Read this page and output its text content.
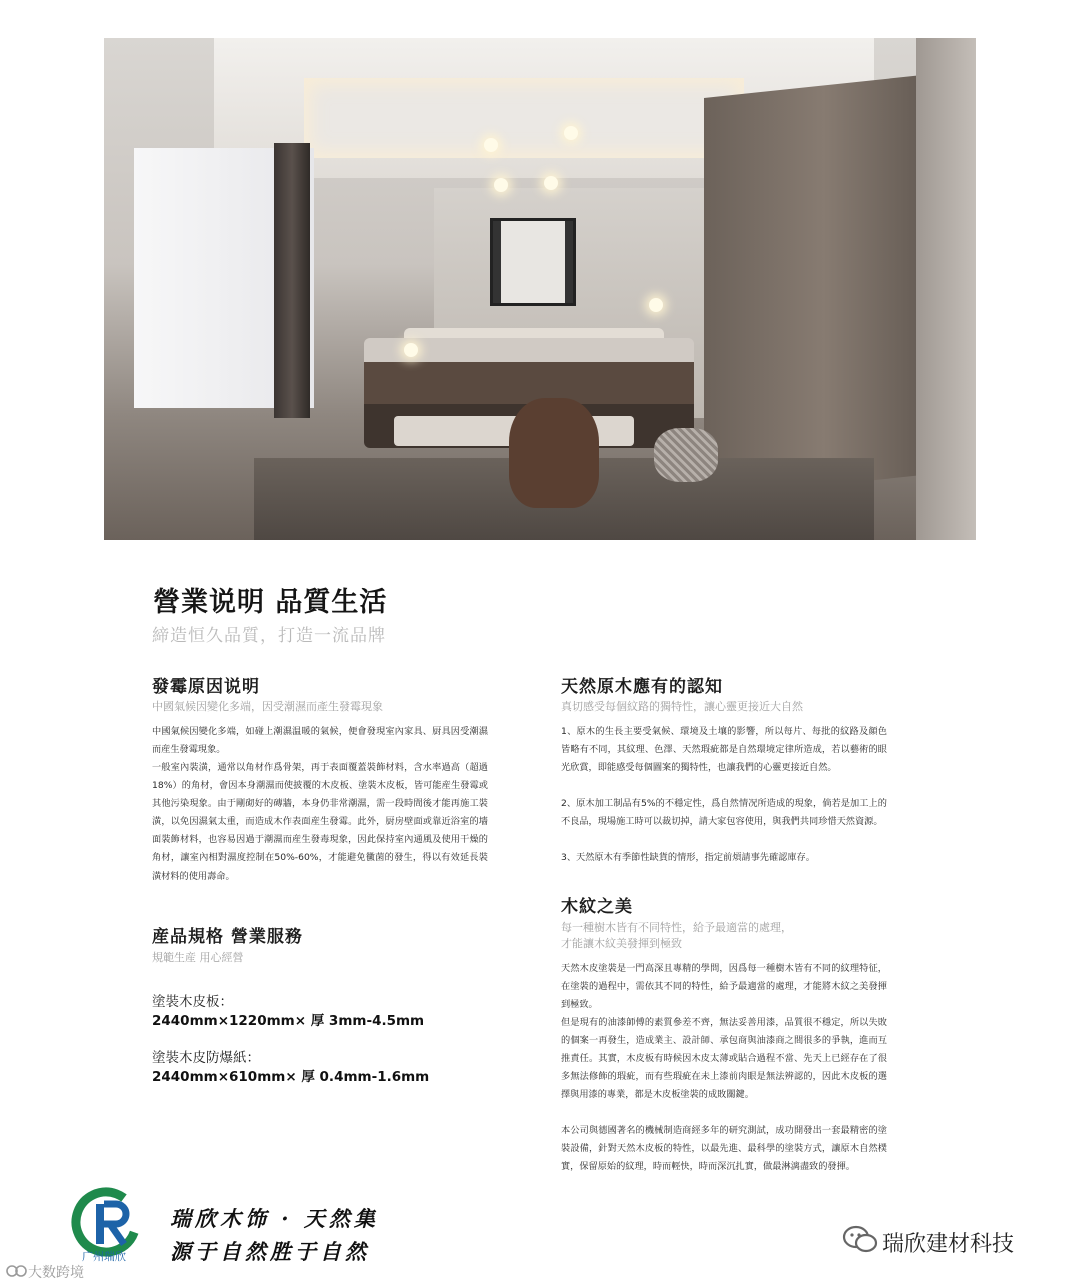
營業说明 品質生活
締造恒久品質，打造一流品牌
發霉原因说明
中國氣候因變化多端，因受潮濕而產生發霉現象

中國氣候因變化多端，如碰上潮濕温暖的氣候，便會發現室內家具、厨具因受潮濕而産生發霉現象。

一般室內裝潢，通常以角材作爲骨架，再于表面覆蓋裝飾材料，含水率過高（超過18%）的角材，會因本身潮濕而使披覆的木皮板、塗裝木皮板，皆可能産生發霉或其他污染現象。由于剛砌好的磚牆，本身仍非常潮濕，需一段時間後才能再施工裝潢，以免因濕氣太重，而造成木作表面産生發霉。此外，厨房壁面或靠近浴室的墻面裝飾材料，也容易因過于潮濕而産生發毒現象，因此保持室內通風及使用干燥的角材，讓室內相對濕度控制在50%-60%，才能避免黴菌的發生，得以有效延長裝潢材料的使用壽命。

産品規格 營業服務
規範生産 用心經營
塗裝木皮板：
2440mm×1220mm× 厚 3mm-4.5mm
塗裝木皮防爆紙：
2440mm×610mm× 厚 0.4mm-1.6mm
天然原木應有的認知
真切感受每個紋路的獨特性，讓心靈更接近大自然

1、原木的生長主要受氣候、環境及土壤的影響，所以每片、每批的紋路及顔色皆略有不同，其紋理、色澤、天然瑕疵都是自然環境定律所造成，若以藝術的眼光欣賞，即能感受每個圖案的獨特性，也讓我們的心靈更接近自然。

2、原木加工制品有5%的不穩定性，爲自然情况所造成的現象，倘若是加工上的不良品，現場施工時可以裁切掉，請大家包容使用，與我們共同珍惜天然資源。

3、天然原木有季節性缺貨的情形，指定前煩請事先確認庫存。

木紋之美
每一種樹木皆有不同特性，給予最適當的處理，
才能讓木紋美發揮到極致

天然木皮塗裝是一門高深且專精的學問，因爲每一種樹木皆有不同的紋理特征，在塗裝的過程中，需依其不同的特性，給予最適當的處理，才能將木紋之美發揮到極致。

但是現有的油漆師傅的素質參差不齊，無法妥善用漆，品質很不穩定，所以失敗的個案一再發生，造成業主、設計師、承包商與油漆商之間很多的爭執，進而互推責任。其實，木皮板有時候因木皮太薄或貼合過程不當、先天上已經存在了很多無法修飾的瑕疵，而有些瑕疵在未上漆前肉眼是無法辨認的，因此木皮板的選擇與用漆的專業，都是木皮板塗裝的成敗關鍵。

本公司與德國著名的機械制造商經多年的研究測試，成功開發出一套最精密的塗裝設備，針對天然木皮板的特性，以最先進、最科學的塗裝方式，讓原木自然樸實，保留原始的紋理，時而輕快，時而深沉扎實，做最淋漓盡致的發揮。

广州瑞欣
瑞欣木饰 · 天然集
源于自然胜于自然	瑞欣建材科技
大数跨境
